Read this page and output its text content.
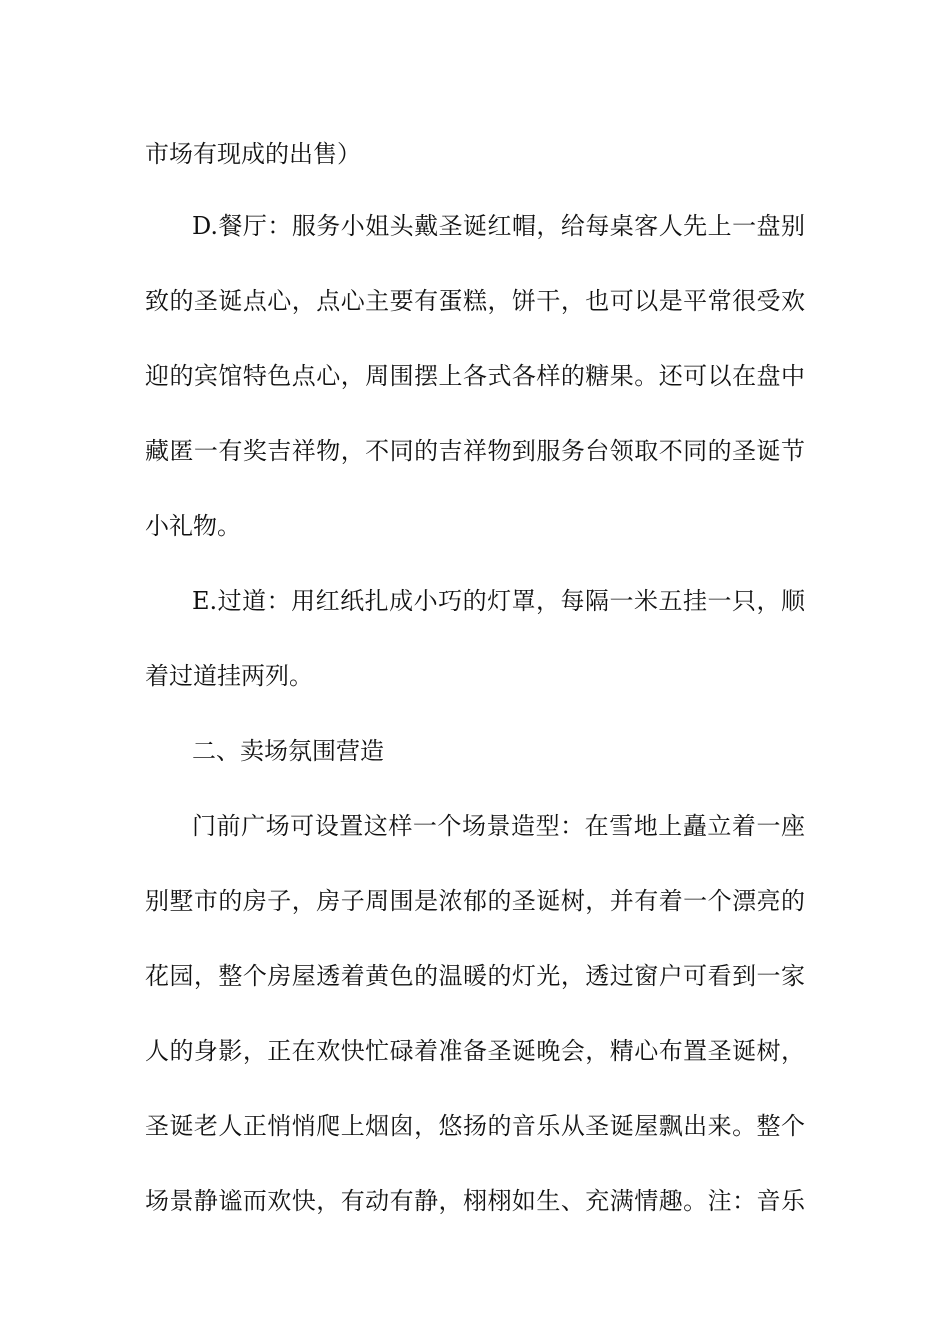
市场有现成的出售）
D.餐厅：服务小姐头戴圣诞红帽，给每桌客人先上一盘别
致的圣诞点心，点心主要有蛋糕，饼干，也可以是平常很受欢
迎的宾馆特色点心，周围摆上各式各样的糖果。还可以在盘中
藏匿一有奖吉祥物，不同的吉祥物到服务台领取不同的圣诞节
小礼物。
E.过道：用红纸扎成小巧的灯罩，每隔一米五挂一只，顺
着过道挂两列。
二、卖场氛围营造
门前广场可设置这样一个场景造型：在雪地上矗立着一座
别墅市的房子，房子周围是浓郁的圣诞树，并有着一个漂亮的
花园，整个房屋透着黄色的温暖的灯光，透过窗户可看到一家
人的身影，正在欢快忙碌着准备圣诞晚会，精心布置圣诞树，
圣诞老人正悄悄爬上烟囱，悠扬的音乐从圣诞屋飘出来。整个
场景静谧而欢快，有动有静，栩栩如生、充满情趣。注：音乐
